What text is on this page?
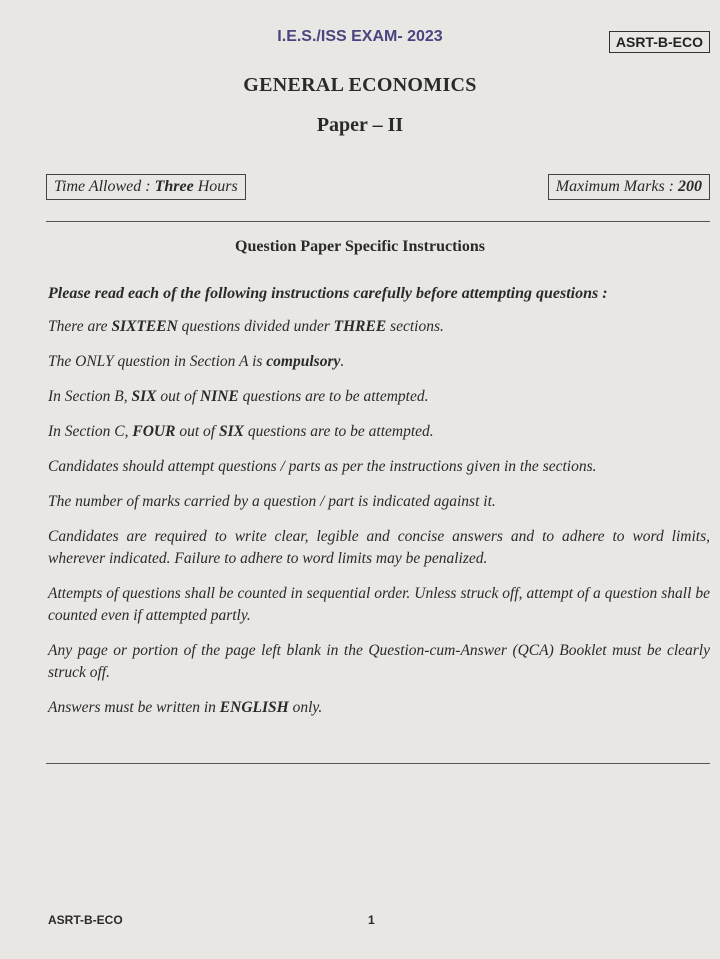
I.E.S./ISS EXAM- 2023	ASRT-B-ECO
GENERAL ECONOMICS
Paper – II
Time Allowed : Three Hours	Maximum Marks : 200
Question Paper Specific Instructions
Please read each of the following instructions carefully before attempting questions :
There are SIXTEEN questions divided under THREE sections.
The ONLY question in Section A is compulsory.
In Section B, SIX out of NINE questions are to be attempted.
In Section C, FOUR out of SIX questions are to be attempted.
Candidates should attempt questions / parts as per the instructions given in the sections.
The number of marks carried by a question / part is indicated against it.
Candidates are required to write clear, legible and concise answers and to adhere to word limits, wherever indicated. Failure to adhere to word limits may be penalized.
Attempts of questions shall be counted in sequential order. Unless struck off, attempt of a question shall be counted even if attempted partly.
Any page or portion of the page left blank in the Question-cum-Answer (QCA) Booklet must be clearly struck off.
Answers must be written in ENGLISH only.
ASRT-B-ECO	1
